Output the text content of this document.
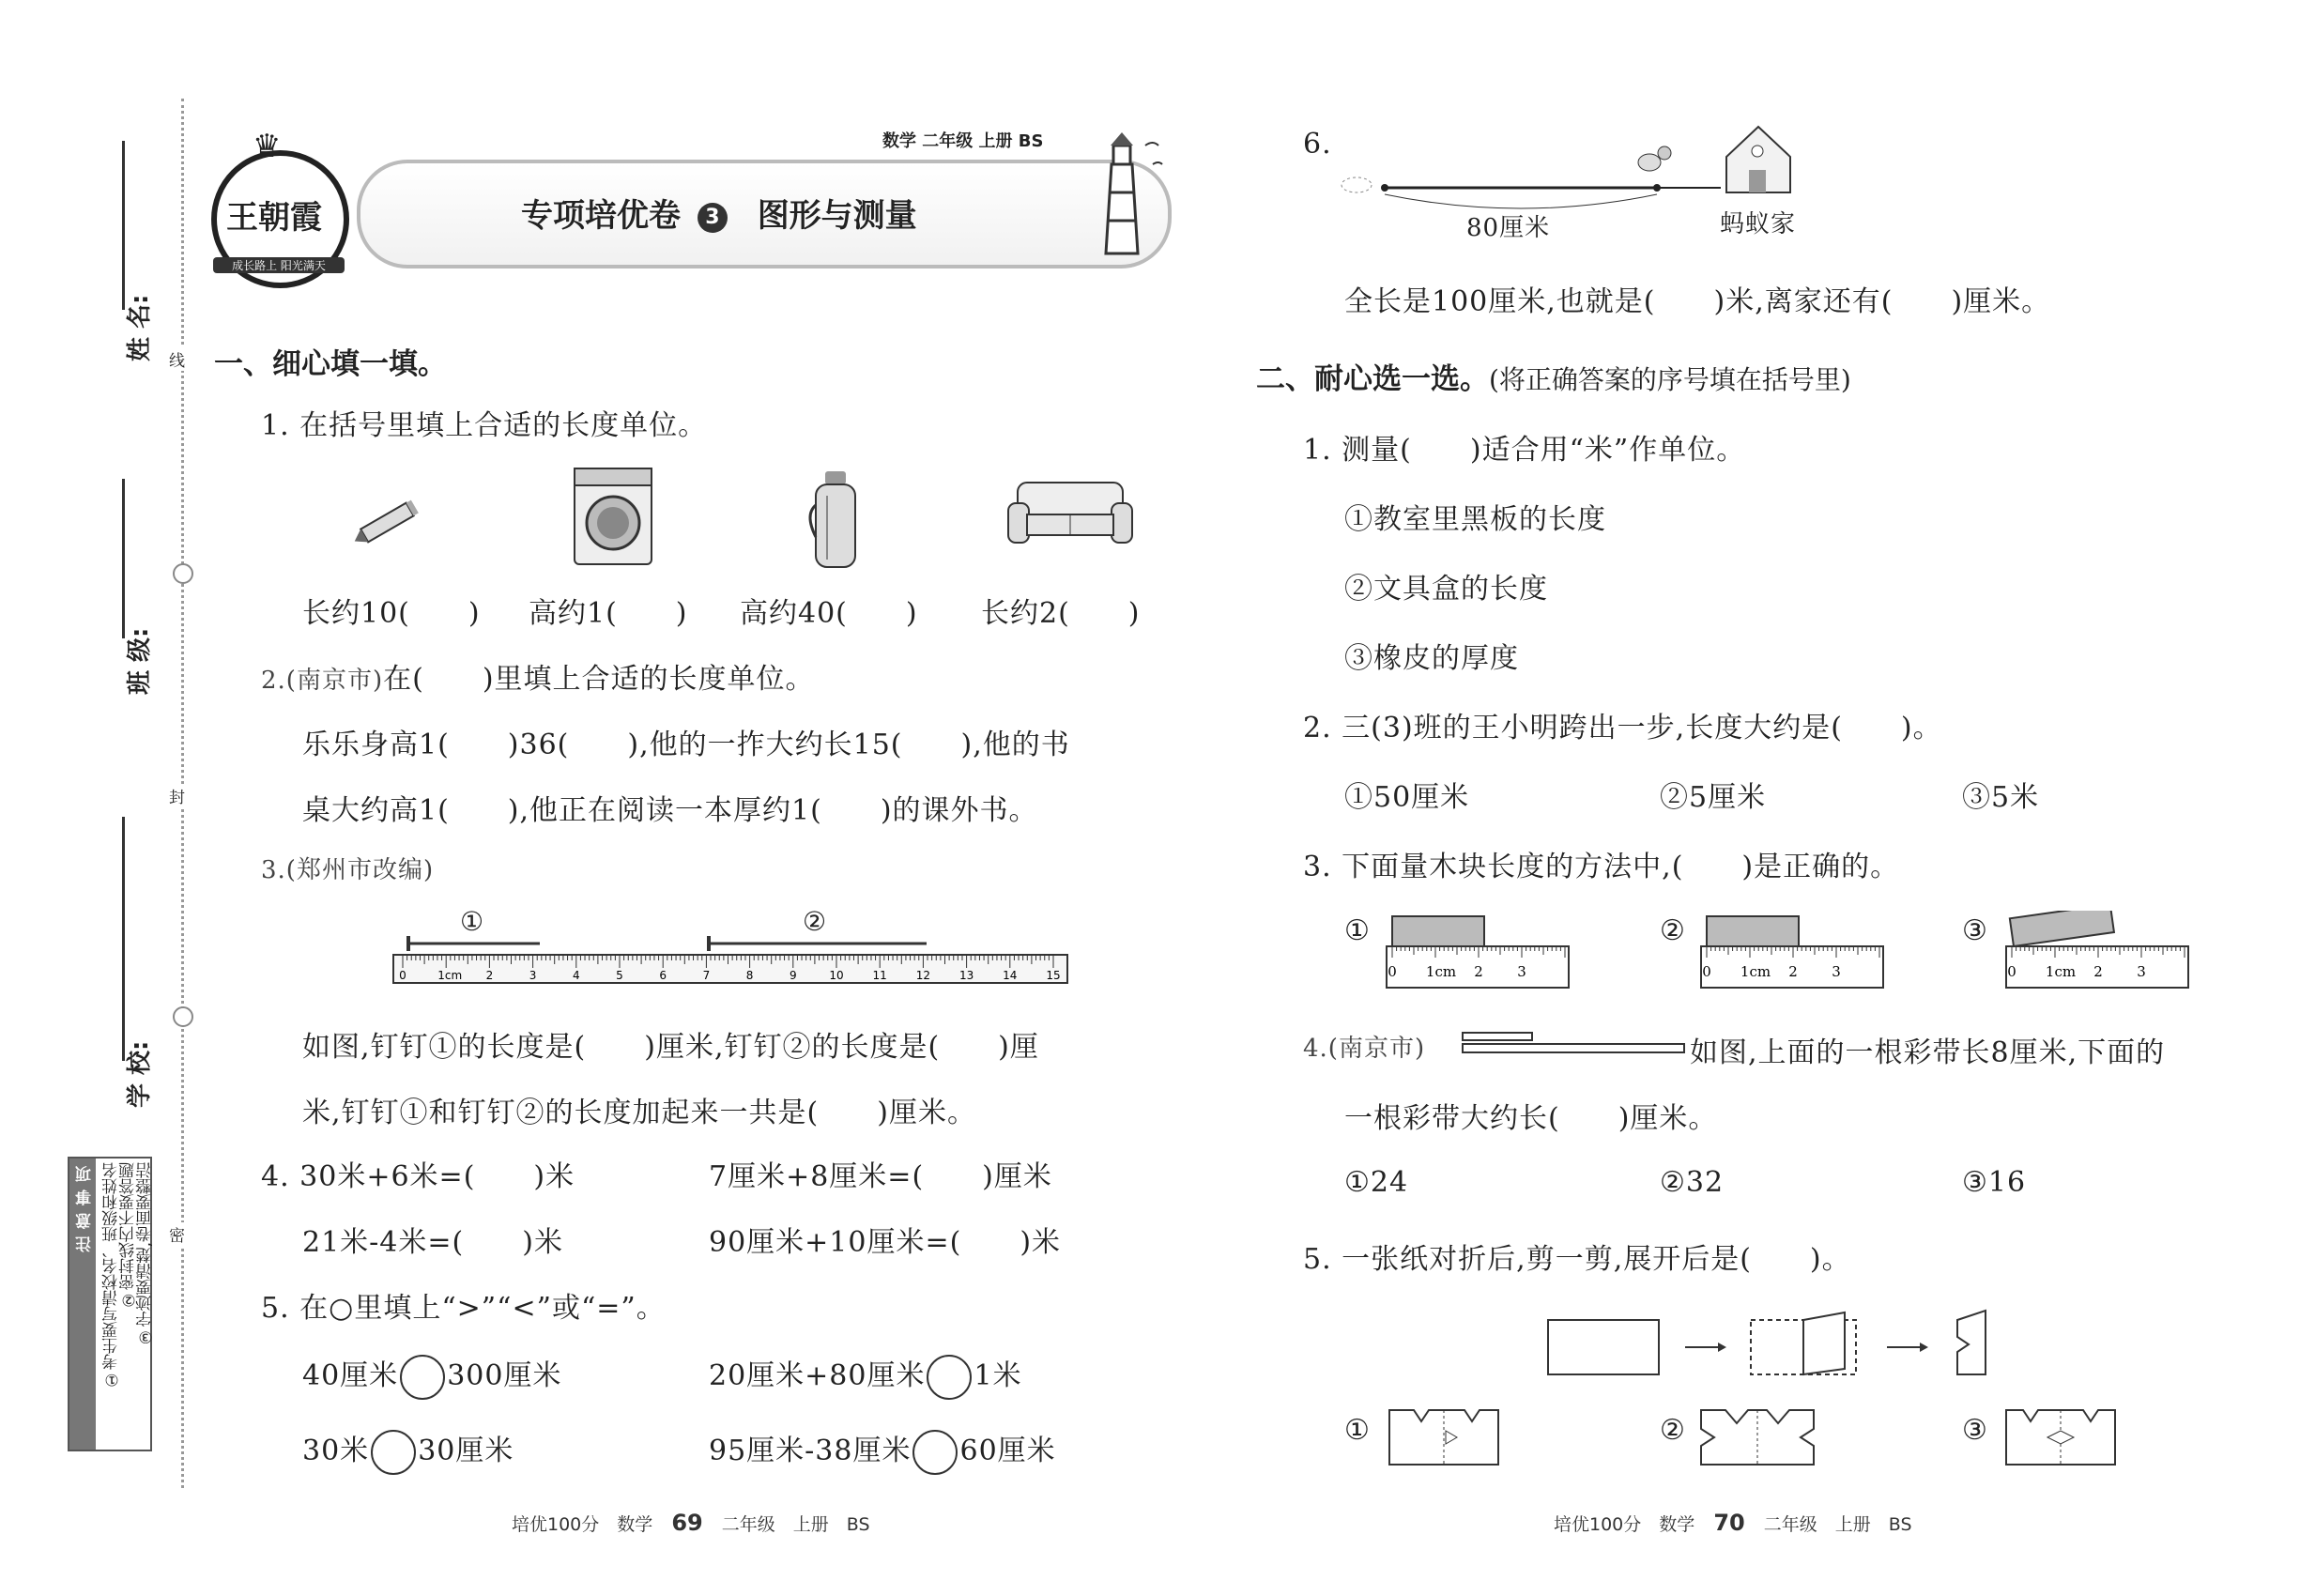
姓 名:
班 级:
学 校:
线
封
密
注意事项 ①考生要写清校名、班级和姓名
②密封线内不要答题
③字迹要清楚,卷面要整洁
♛
王朝霞
成长路上 阳光满天
数学 二年级 上册 BS
专项培优卷 3 图形与测量
一、细心填一填。
1. 在括号里填上合适的长度单位。
长约10(　　) 高约1(　　) 高约40(　　) 长约2(　　)
2.(南京市)在(　　)里填上合适的长度单位。
乐乐身高1(　　)36(　　),他的一拃大约长15(　　),他的书
桌大约高1(　　),他正在阅读一本厚约1(　　)的课外书。
3.(郑州市改编)
0	1cm 2	3	4	5	6	7	8	9	10	11	12	13	14	15
①	②
如图,钉钉①的长度是(　　)厘米,钉钉②的长度是(　　)厘
米,钉钉①和钉钉②的长度加起来一共是(　　)厘米。
4. 30米+6米=(　　)米	7厘米+8厘米=(　　)厘米
21米-4米=(　　)米	90厘米+10厘米=(　　)米
5. 在○里填上“>”“<”或“=”。
40厘米 300厘米	20厘米+80厘米 1米
30米 30厘米	95厘米-38厘米 60厘米
培优100分　数学 69 二年级　上册　BS
6.
80厘米	蚂蚁家
全长是100厘米,也就是(　　)米,离家还有(　　)厘米。
二、耐心选一选。(将正确答案的序号填在括号里)
1. 测量(　　)适合用“米”作单位。
①教室里黑板的长度
②文具盒的长度
③橡皮的厚度
2. 三(3)班的王小明跨出一步,长度大约是(　　)。
①50厘米	②5厘米	③5米
3. 下面量木块长度的方法中,(　　)是正确的。
①
0 1cm 2 3
②
0 1cm 2 3
③
0 1cm 2 3
4.(南京市)	如图,上面的一根彩带长8厘米,下面的
一根彩带大约长(　　)厘米。
①24	②32	③16
5. 一张纸对折后,剪一剪,展开后是(　　)。
①	②	③
培优100分　数学 70 二年级　上册　BS
